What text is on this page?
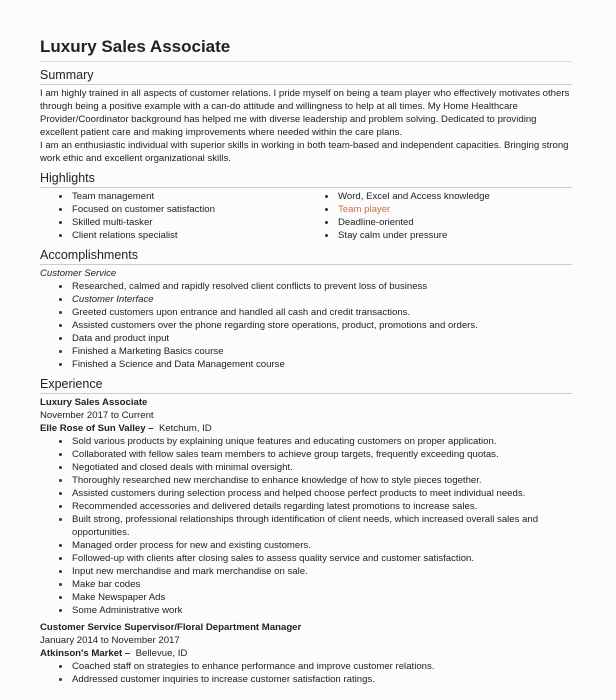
Luxury Sales Associate
Summary

I am highly trained in all aspects of customer relations. I pride myself on being a team player who effectively motivates others through being a positive example with a can-do attitude and willingness to help at all times. My Home Healthcare Provider/Coordinator background has helped me with diverse leadership and problem solving. Dedicated to providing excellent patient care and making improvements where needed within the care plans.

I am an enthusiastic individual with superior skills in working in both team-based and independent capacities. Bringing strong work ethic and excellent organizational skills.

Highlights
Team management
Focused on customer satisfaction
Skilled multi-tasker
Client relations specialist
Word, Excel and Access knowledge
Team player
Deadline-oriented
Stay calm under pressure
Accomplishments

Customer Service

Researched, calmed and rapidly resolved client conflicts to prevent loss of business
Customer Interface
Greeted customers upon entrance and handled all cash and credit transactions.
Assisted customers over the phone regarding store operations, product, promotions and orders.
Data and product input
Finished a Marketing Basics course
Finished a Science and Data Management course
Experience

Luxury Sales Associate

November 2017 to Current

Elle Rose of Sun Valley – Ketchum, ID

Sold various products by explaining unique features and educating customers on proper application.
Collaborated with fellow sales team members to achieve group targets, frequently exceeding quotas.
Negotiated and closed deals with minimal oversight.
Thoroughly researched new merchandise to enhance knowledge of how to style pieces together.
Assisted customers during selection process and helped choose perfect products to meet individual needs.
Recommended accessories and delivered details regarding latest promotions to increase sales.
Built strong, professional relationships through identification of client needs, which increased overall sales and opportunities.
Managed order process for new and existing customers.
Followed-up with clients after closing sales to assess quality service and customer satisfaction.
Input new merchandise and mark merchandise on sale.
Make bar codes
Make Newspaper Ads
Some Administrative work

Customer Service Supervisor/Floral Department Manager

January 2014 to November 2017

Atkinson's Market – Bellevue, ID

Coached staff on strategies to enhance performance and improve customer relations.
Addressed customer inquiries to increase customer satisfaction ratings.
